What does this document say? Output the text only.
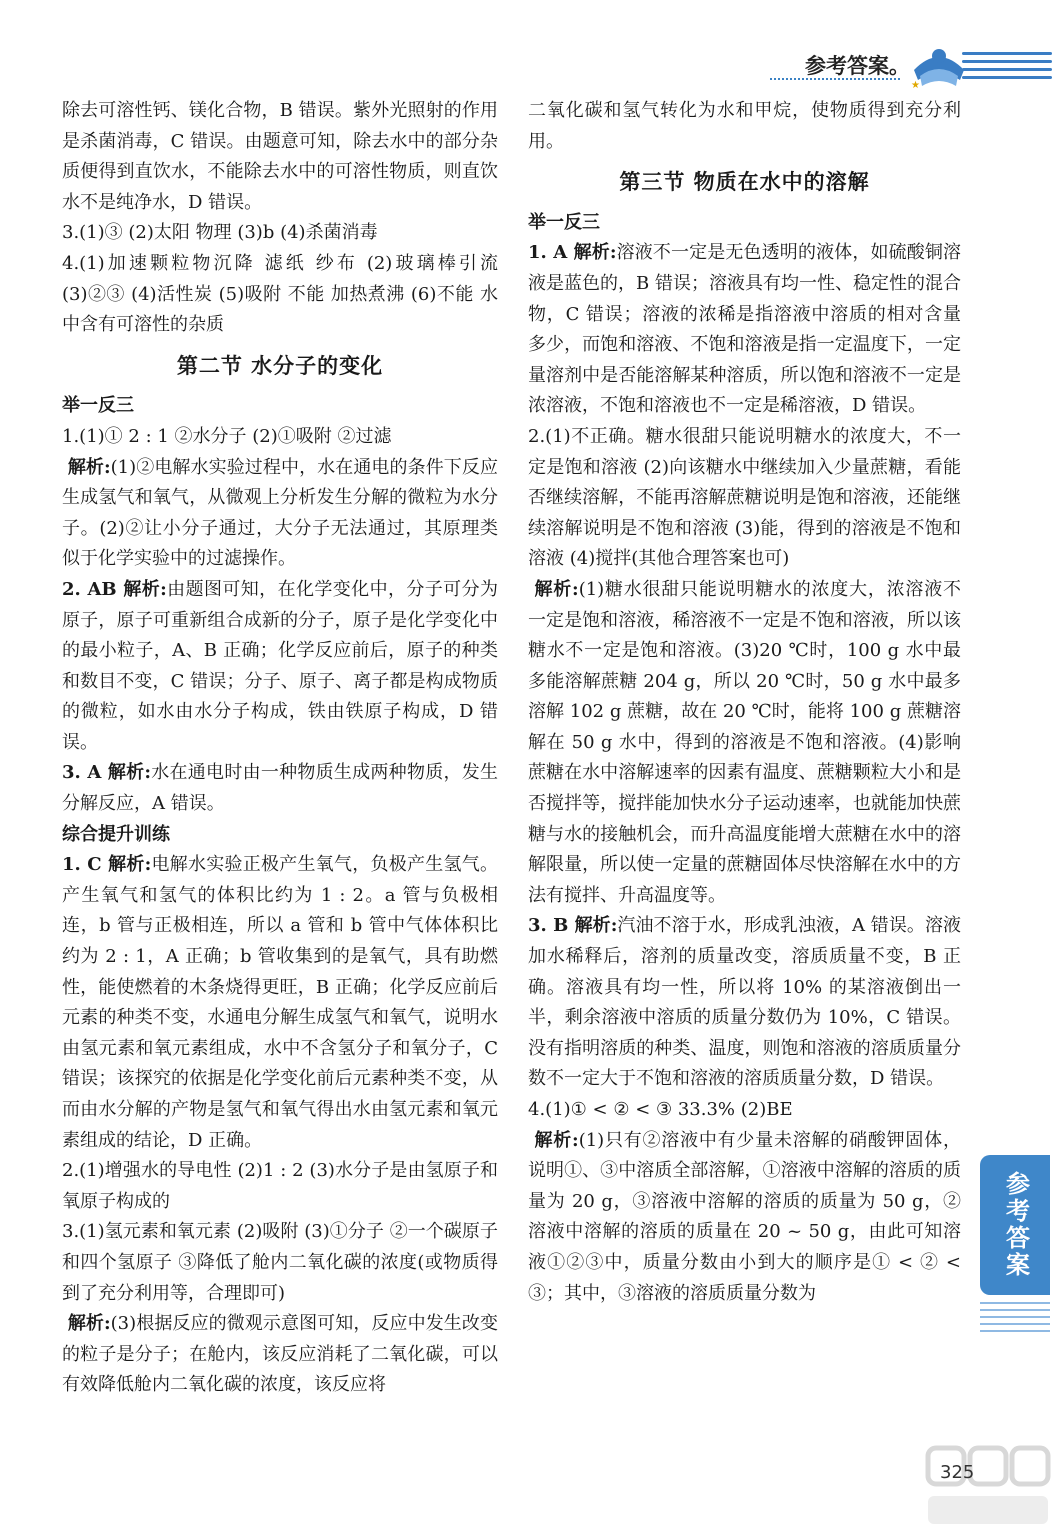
参考答案。
★

除去可溶性钙、镁化合物，B 错误。紫外光照射的作用是杀菌消毒，C 错误。由题意可知，除去水中的部分杂质便得到直饮水，不能除去水中的可溶性物质，则直饮水不是纯净水，D 错误。

3.(1)③ (2)太阳 物理 (3)b (4)杀菌消毒

4.(1)加速颗粒物沉降 滤纸 纱布 (2)玻璃棒引流 (3)②③ (4)活性炭 (5)吸附 不能 加热煮沸 (6)不能 水中含有可溶性的杂质

第二节 水分子的变化

举一反三

1.(1)① 2 : 1 ②水分子 (2)①吸附 ②过滤

解析:(1)②电解水实验过程中，水在通电的条件下反应生成氢气和氧气，从微观上分析发生分解的微粒为水分子。(2)②让小分子通过，大分子无法通过，其原理类似于化学实验中的过滤操作。

2. AB 解析:由题图可知，在化学变化中，分子可分为原子，原子可重新组合成新的分子，原子是化学变化中的最小粒子，A、B 正确；化学反应前后，原子的种类和数目不变，C 错误；分子、原子、离子都是构成物质的微粒，如水由水分子构成，铁由铁原子构成，D 错误。

3. A 解析:水在通电时由一种物质生成两种物质，发生分解反应，A 错误。

综合提升训练

1. C 解析:电解水实验正极产生氧气，负极产生氢气。产生氧气和氢气的体积比约为 1 : 2。a 管与负极相连，b 管与正极相连，所以 a 管和 b 管中气体体积比约为 2 : 1，A 正确；b 管收集到的是氧气，具有助燃性，能使燃着的木条烧得更旺，B 正确；化学反应前后元素的种类不变，水通电分解生成氢气和氧气，说明水由氢元素和氧元素组成，水中不含氢分子和氧分子，C 错误；该探究的依据是化学变化前后元素种类不变，从而由水分解的产物是氢气和氧气得出水由氢元素和氧元素组成的结论，D 正确。

2.(1)增强水的导电性 (2)1 : 2 (3)水分子是由氢原子和氧原子构成的

3.(1)氢元素和氧元素 (2)吸附 (3)①分子 ②一个碳原子和四个氢原子 ③降低了舱内二氧化碳的浓度(或物质得到了充分利用等，合理即可)

解析:(3)根据反应的微观示意图可知，反应中发生改变的粒子是分子；在舱内，该反应消耗了二氧化碳，可以有效降低舱内二氧化碳的浓度，该反应将

二氧化碳和氢气转化为水和甲烷，使物质得到充分利用。

第三节 物质在水中的溶解

举一反三

1. A 解析:溶液不一定是无色透明的液体，如硫酸铜溶液是蓝色的，B 错误；溶液具有均一性、稳定性的混合物，C 错误；溶液的浓稀是指溶液中溶质的相对含量多少，而饱和溶液、不饱和溶液是指一定温度下，一定量溶剂中是否能溶解某种溶质，所以饱和溶液不一定是浓溶液，不饱和溶液也不一定是稀溶液，D 错误。

2.(1)不正确。糖水很甜只能说明糖水的浓度大，不一定是饱和溶液 (2)向该糖水中继续加入少量蔗糖，看能否继续溶解，不能再溶解蔗糖说明是饱和溶液，还能继续溶解说明是不饱和溶液 (3)能，得到的溶液是不饱和溶液 (4)搅拌(其他合理答案也可)

解析:(1)糖水很甜只能说明糖水的浓度大，浓溶液不一定是饱和溶液，稀溶液不一定是不饱和溶液，所以该糖水不一定是饱和溶液。(3)20 ℃时，100 g 水中最多能溶解蔗糖 204 g，所以 20 ℃时，50 g 水中最多溶解 102 g 蔗糖，故在 20 ℃时，能将 100 g 蔗糖溶解在 50 g 水中，得到的溶液是不饱和溶液。(4)影响蔗糖在水中溶解速率的因素有温度、蔗糖颗粒大小和是否搅拌等，搅拌能加快水分子运动速率，也就能加快蔗糖与水的接触机会，而升高温度能增大蔗糖在水中的溶解限量，所以使一定量的蔗糖固体尽快溶解在水中的方法有搅拌、升高温度等。

3. B 解析:汽油不溶于水，形成乳浊液，A 错误。溶液加水稀释后，溶剂的质量改变，溶质质量不变，B 正确。溶液具有均一性，所以将 10% 的某溶液倒出一半，剩余溶液中溶质的质量分数仍为 10%，C 错误。没有指明溶质的种类、温度，则饱和溶液的溶质质量分数不一定大于不饱和溶液的溶质质量分数，D 错误。

4.(1)① < ② < ③ 33.3% (2)BE

解析:(1)只有②溶液中有少量未溶解的硝酸钾固体，说明①、③中溶质全部溶解，①溶液中溶解的溶质的质量为 20 g，③溶液中溶解的溶质的质量为 50 g，②溶液中溶解的溶质的质量在 20 ~ 50 g，由此可知溶液①②③中，质量分数由小到大的顺序是① < ② < ③；其中，③溶液的溶质质量分数为

参考答案
325
